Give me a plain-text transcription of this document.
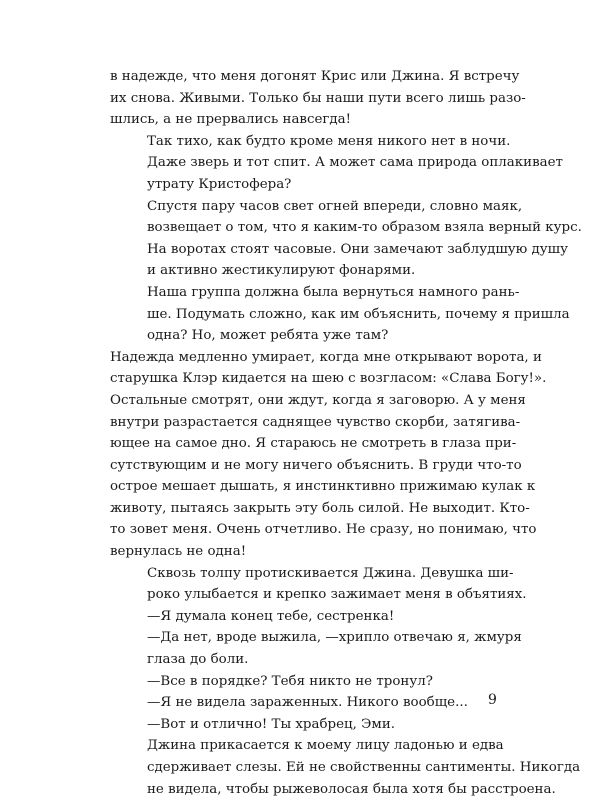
в надежде, что меня догонят Крис или Джина. Я встречу
их снова. Живыми. Только бы наши пути всего лишь разо-
шлись, а не прервались навсегда!

Так тихо, как будто кроме меня никого нет в ночи.
Даже зверь и тот спит. А может сама природа оплакивает
утрату Кристофера?

Спустя пару часов свет огней впереди, словно маяк,
возвещает о том, что я каким-то образом взяла верный курс.
На воротах стоят часовые. Они замечают заблудшую душу
и активно жестикулируют фонарями.

Наша группа должна была вернуться намного рань-
ше. Подумать сложно, как им объяснить, почему я пришла
одна? Но, может ребята уже там?

Надежда медленно умирает, когда мне открывают ворота, и
старушка Клэр кидается на шею с возгласом: «Слава Богу!».
Остальные смотрят, они ждут, когда я заговорю. А у меня
внутри разрастается саднящее чувство скорби, затягива-
ющее на самое дно. Я стараюсь не смотреть в глаза при-
сутствующим и не могу ничего объяснить. В груди что-то
острое мешает дышать, я инстинктивно прижимаю кулак к
животу, пытаясь закрыть эту боль силой. Не выходит. Кто-
то зовет меня. Очень отчетливо. Не сразу, но понимаю, что
вернулась не одна!

Сквозь толпу протискивается Джина. Девушка ши-
роко улыбается и крепко зажимает меня в объятиях.

—Я думала конец тебе, сестренка!

—Да нет, вроде выжила, —хрипло отвечаю я, жмуря
глаза до боли.

—Все в порядке? Тебя никто не тронул?

—Я не видела зараженных. Никого вообще...

—Вот и отлично! Ты храбрец, Эми.

Джина прикасается к моему лицу ладонью и едва
сдерживает слезы. Ей не свойственны сантименты. Никогда
не видела, чтобы рыжеволосая была хотя бы расстроена.

9
